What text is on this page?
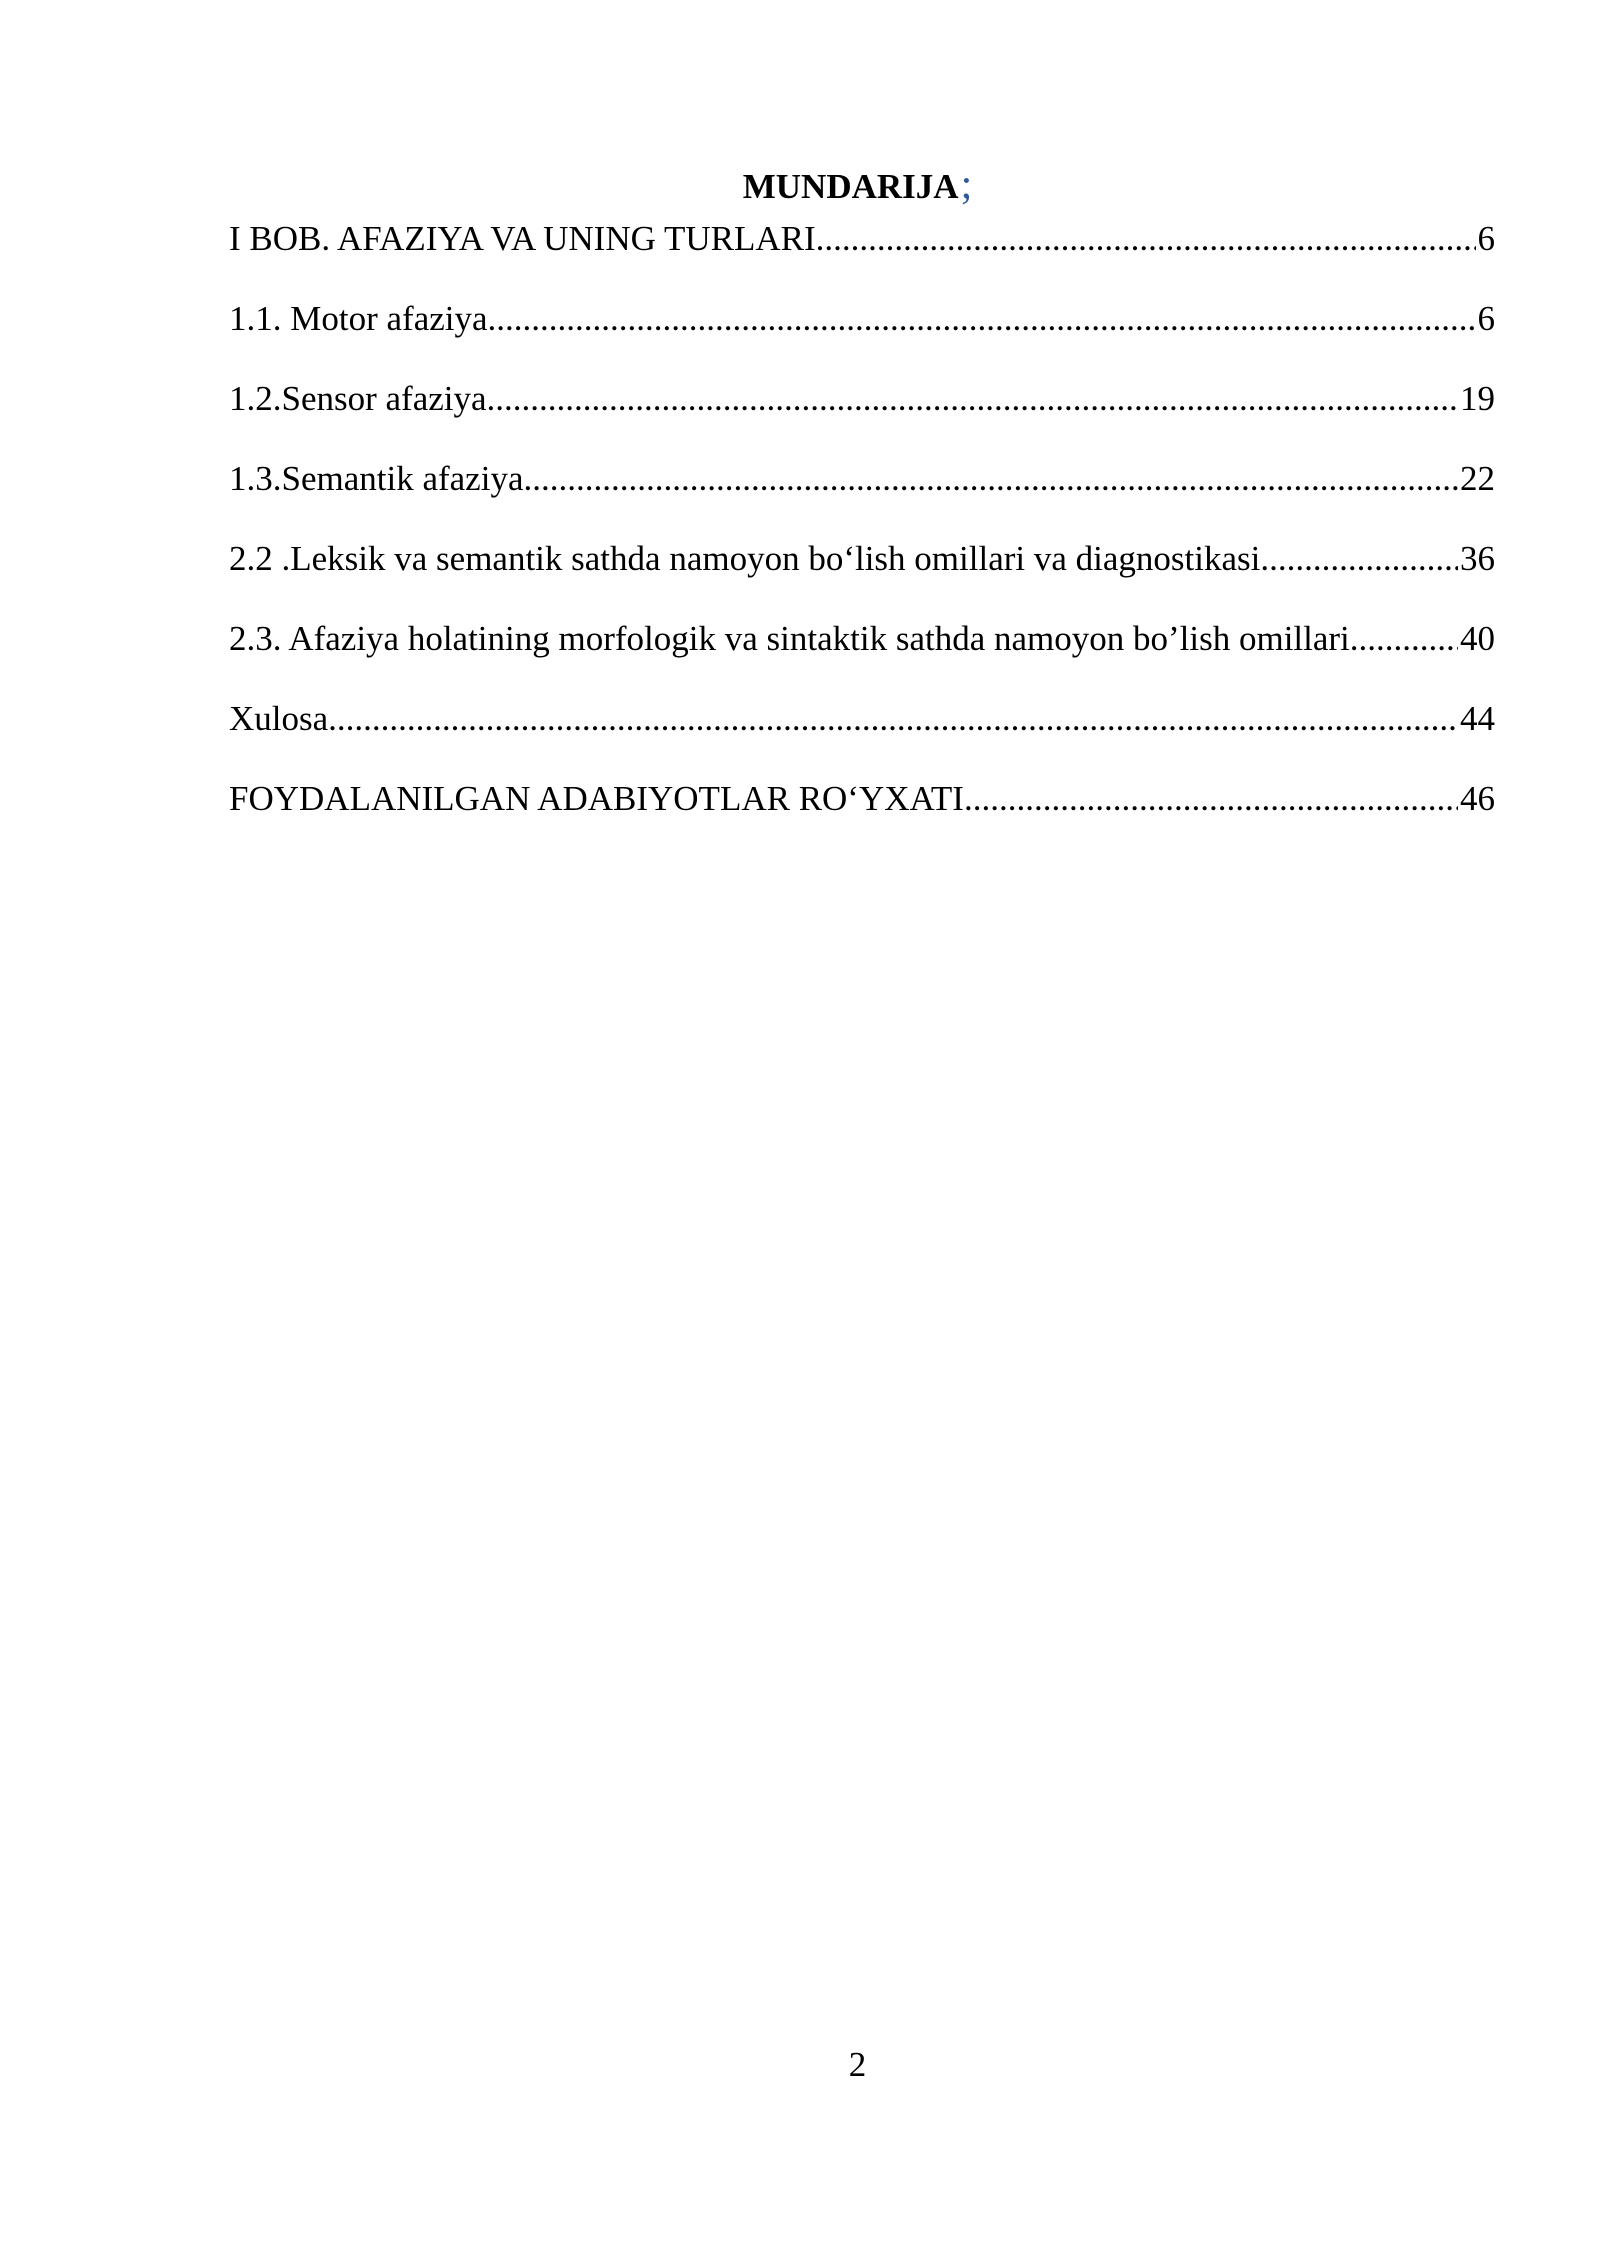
MUNDARIJA;
I BOB. AFAZIYA VA UNING TURLARI .....	6
1.1. Motor afaziya .....	6
1.2.Sensor afaziya .....	19
1.3.Semantik afaziya .....	22
2.2 .Leksik va semantik sathda namoyon bo‘lish omillari va diagnostikasi .....	36
2.3. Afaziya holatining morfologik va sintaktik sathda namoyon bo’lish omillari .....	40
Xulosa .....	44
FOYDALANILGAN ADABIYOTLAR RO‘YXATI .....	46
2
